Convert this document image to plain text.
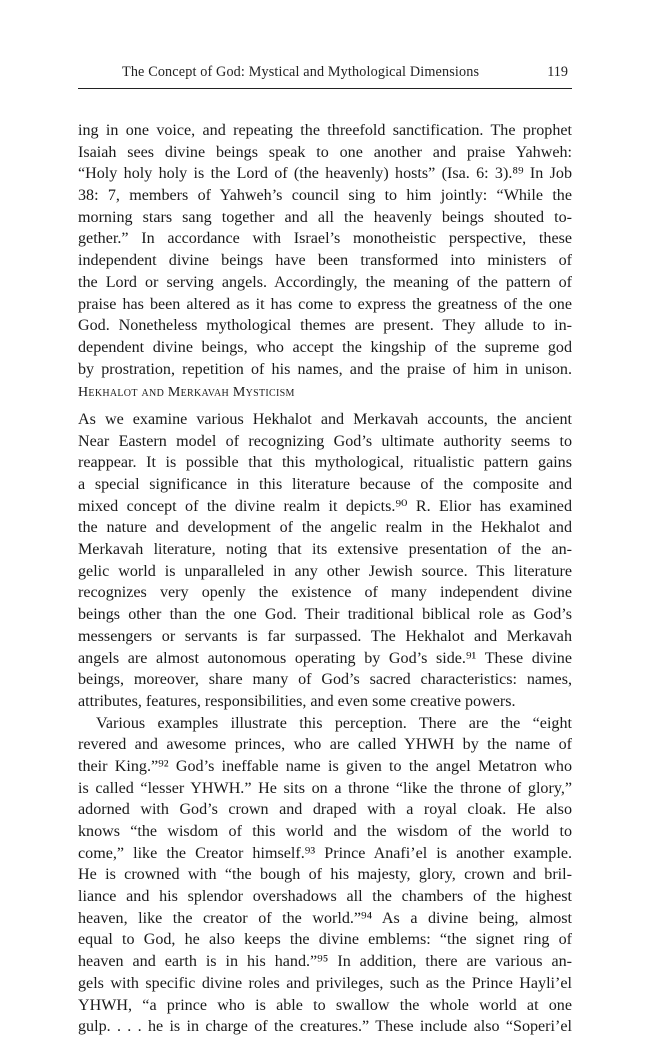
The Concept of God: Mystical and Mythological Dimensions	119
ing in one voice, and repeating the threefold sanctification. The prophet
Isaiah sees divine beings speak to one another and praise Yahweh:
“Holy holy holy is the Lord of (the heavenly) hosts” (Isa. 6: 3).⁸⁹ In Job
38: 7, members of Yahweh’s council sing to him jointly: “While the
morning stars sang together and all the heavenly beings shouted to-
gether.” In accordance with Israel’s monotheistic perspective, these
independent divine beings have been transformed into ministers of
the Lord or serving angels. Accordingly, the meaning of the pattern of
praise has been altered as it has come to express the greatness of the one
God. Nonetheless mythological themes are present. They allude to in-
dependent divine beings, who accept the kingship of the supreme god
by prostration, repetition of his names, and the praise of him in unison.
Hekhalot and Merkavah Mysticism
As we examine various Hekhalot and Merkavah accounts, the ancient
Near Eastern model of recognizing God’s ultimate authority seems to
reappear. It is possible that this mythological, ritualistic pattern gains
a special significance in this literature because of the composite and
mixed concept of the divine realm it depicts.⁹⁰ R. Elior has examined
the nature and development of the angelic realm in the Hekhalot and
Merkavah literature, noting that its extensive presentation of the an-
gelic world is unparalleled in any other Jewish source. This literature
recognizes very openly the existence of many independent divine
beings other than the one God. Their traditional biblical role as God’s
messengers or servants is far surpassed. The Hekhalot and Merkavah
angels are almost autonomous operating by God’s side.⁹¹ These divine
beings, moreover, share many of God’s sacred characteristics: names,
attributes, features, responsibilities, and even some creative powers.
Various examples illustrate this perception. There are the “eight
revered and awesome princes, who are called YHWH by the name of
their King.”⁹² God’s ineffable name is given to the angel Metatron who
is called “lesser YHWH.” He sits on a throne “like the throne of glory,”
adorned with God’s crown and draped with a royal cloak. He also
knows “the wisdom of this world and the wisdom of the world to
come,” like the Creator himself.⁹³ Prince Anafi’el is another example.
He is crowned with “the bough of his majesty, glory, crown and bril-
liance and his splendor overshadows all the chambers of the highest
heaven, like the creator of the world.”⁹⁴ As a divine being, almost
equal to God, he also keeps the divine emblems: “the signet ring of
heaven and earth is in his hand.”⁹⁵ In addition, there are various an-
gels with specific divine roles and privileges, such as the Prince Hayli’el
YHWH, “a prince who is able to swallow the whole world at one
gulp. . . . he is in charge of the creatures.” These include also “Soperi’el
